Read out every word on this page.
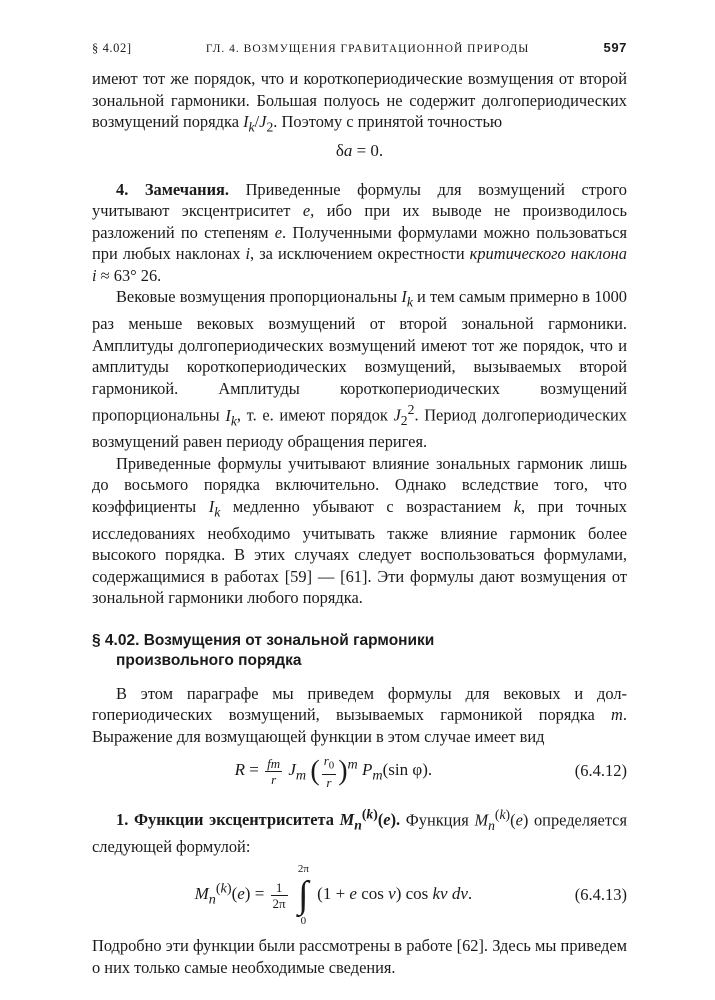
§ 4.02]	ГЛ. 4. ВОЗМУЩЕНИЯ ГРАВИТАЦИОННОЙ ПРИРОДЫ	597

имеют тот же порядок, что и короткопериодические возмущения от второй зональной гармоники. Большая полуось не содержит долгопериодических возмущений порядка $I_k/J_2$. Поэтому с принятой точностью

δa = 0.

4. Замечания. Приведенные формулы для возмущений строго учитывают эксцентриситет e, ибо при их выводе не производилось разложений по степеням e. Полученными формулами можно пользоваться при любых наклонах i, за исключением окрестности критического наклона i ≈ 63° 26.

Вековые возмущения пропорциональны $I_k$ и тем самым примерно в 1000 раз меньше вековых возмущений от второй зональной гармоники. Амплитуды долгопериодических возмущений имеют тот же порядок, что и амплитуды короткопериодических возмущений, вызываемых второй гармоникой. Амплитуды короткопериодических возмущений пропорциональны $I_k$, т. е. имеют порядок $J_2^2$. Период долгопериодических возмущений равен периоду обращения перигея.

Приведенные формулы учитывают влияние зональных гармоник лишь до восьмого порядка включительно. Однако вследствие того, что коэффициенты $I_k$ медленно убывают с возрастанием k, при точных исследованиях необходимо учитывать также влияние гармоник более высокого порядка. В этих случаях следует воспользоваться формулами, содержащимися в работах [59] — [61]. Эти формулы дают возмущения от зональной гармоники любого порядка.

§ 4.02. Возмущения от зональной гармоники
произвольного порядка

В этом параграфе мы приведем формулы для вековых и долгопериодических возмущений, вызываемых гармоникой порядка m. Выражение для возмущающей функции в этом случае имеет вид

$R = \frac{fm}{r} J_m$ ( $\frac{r_0}{r} )^m$ $P_m(\sin$ φ).	(6.4.12)

1. Функции эксцентриситета $M_n^{(k)}(e)$. Функция $M_n^{(k)}(e)$ определяется следующей формулой:

$M_n^{(k)}(e) = \frac{1}{2\pi}$

2π
∫
0
(1 + e cos v) cos kv dv.	(6.4.13)

Подробно эти функции были рассмотрены в работе [62]. Здесь мы приведем о них только самые необходимые сведения.
